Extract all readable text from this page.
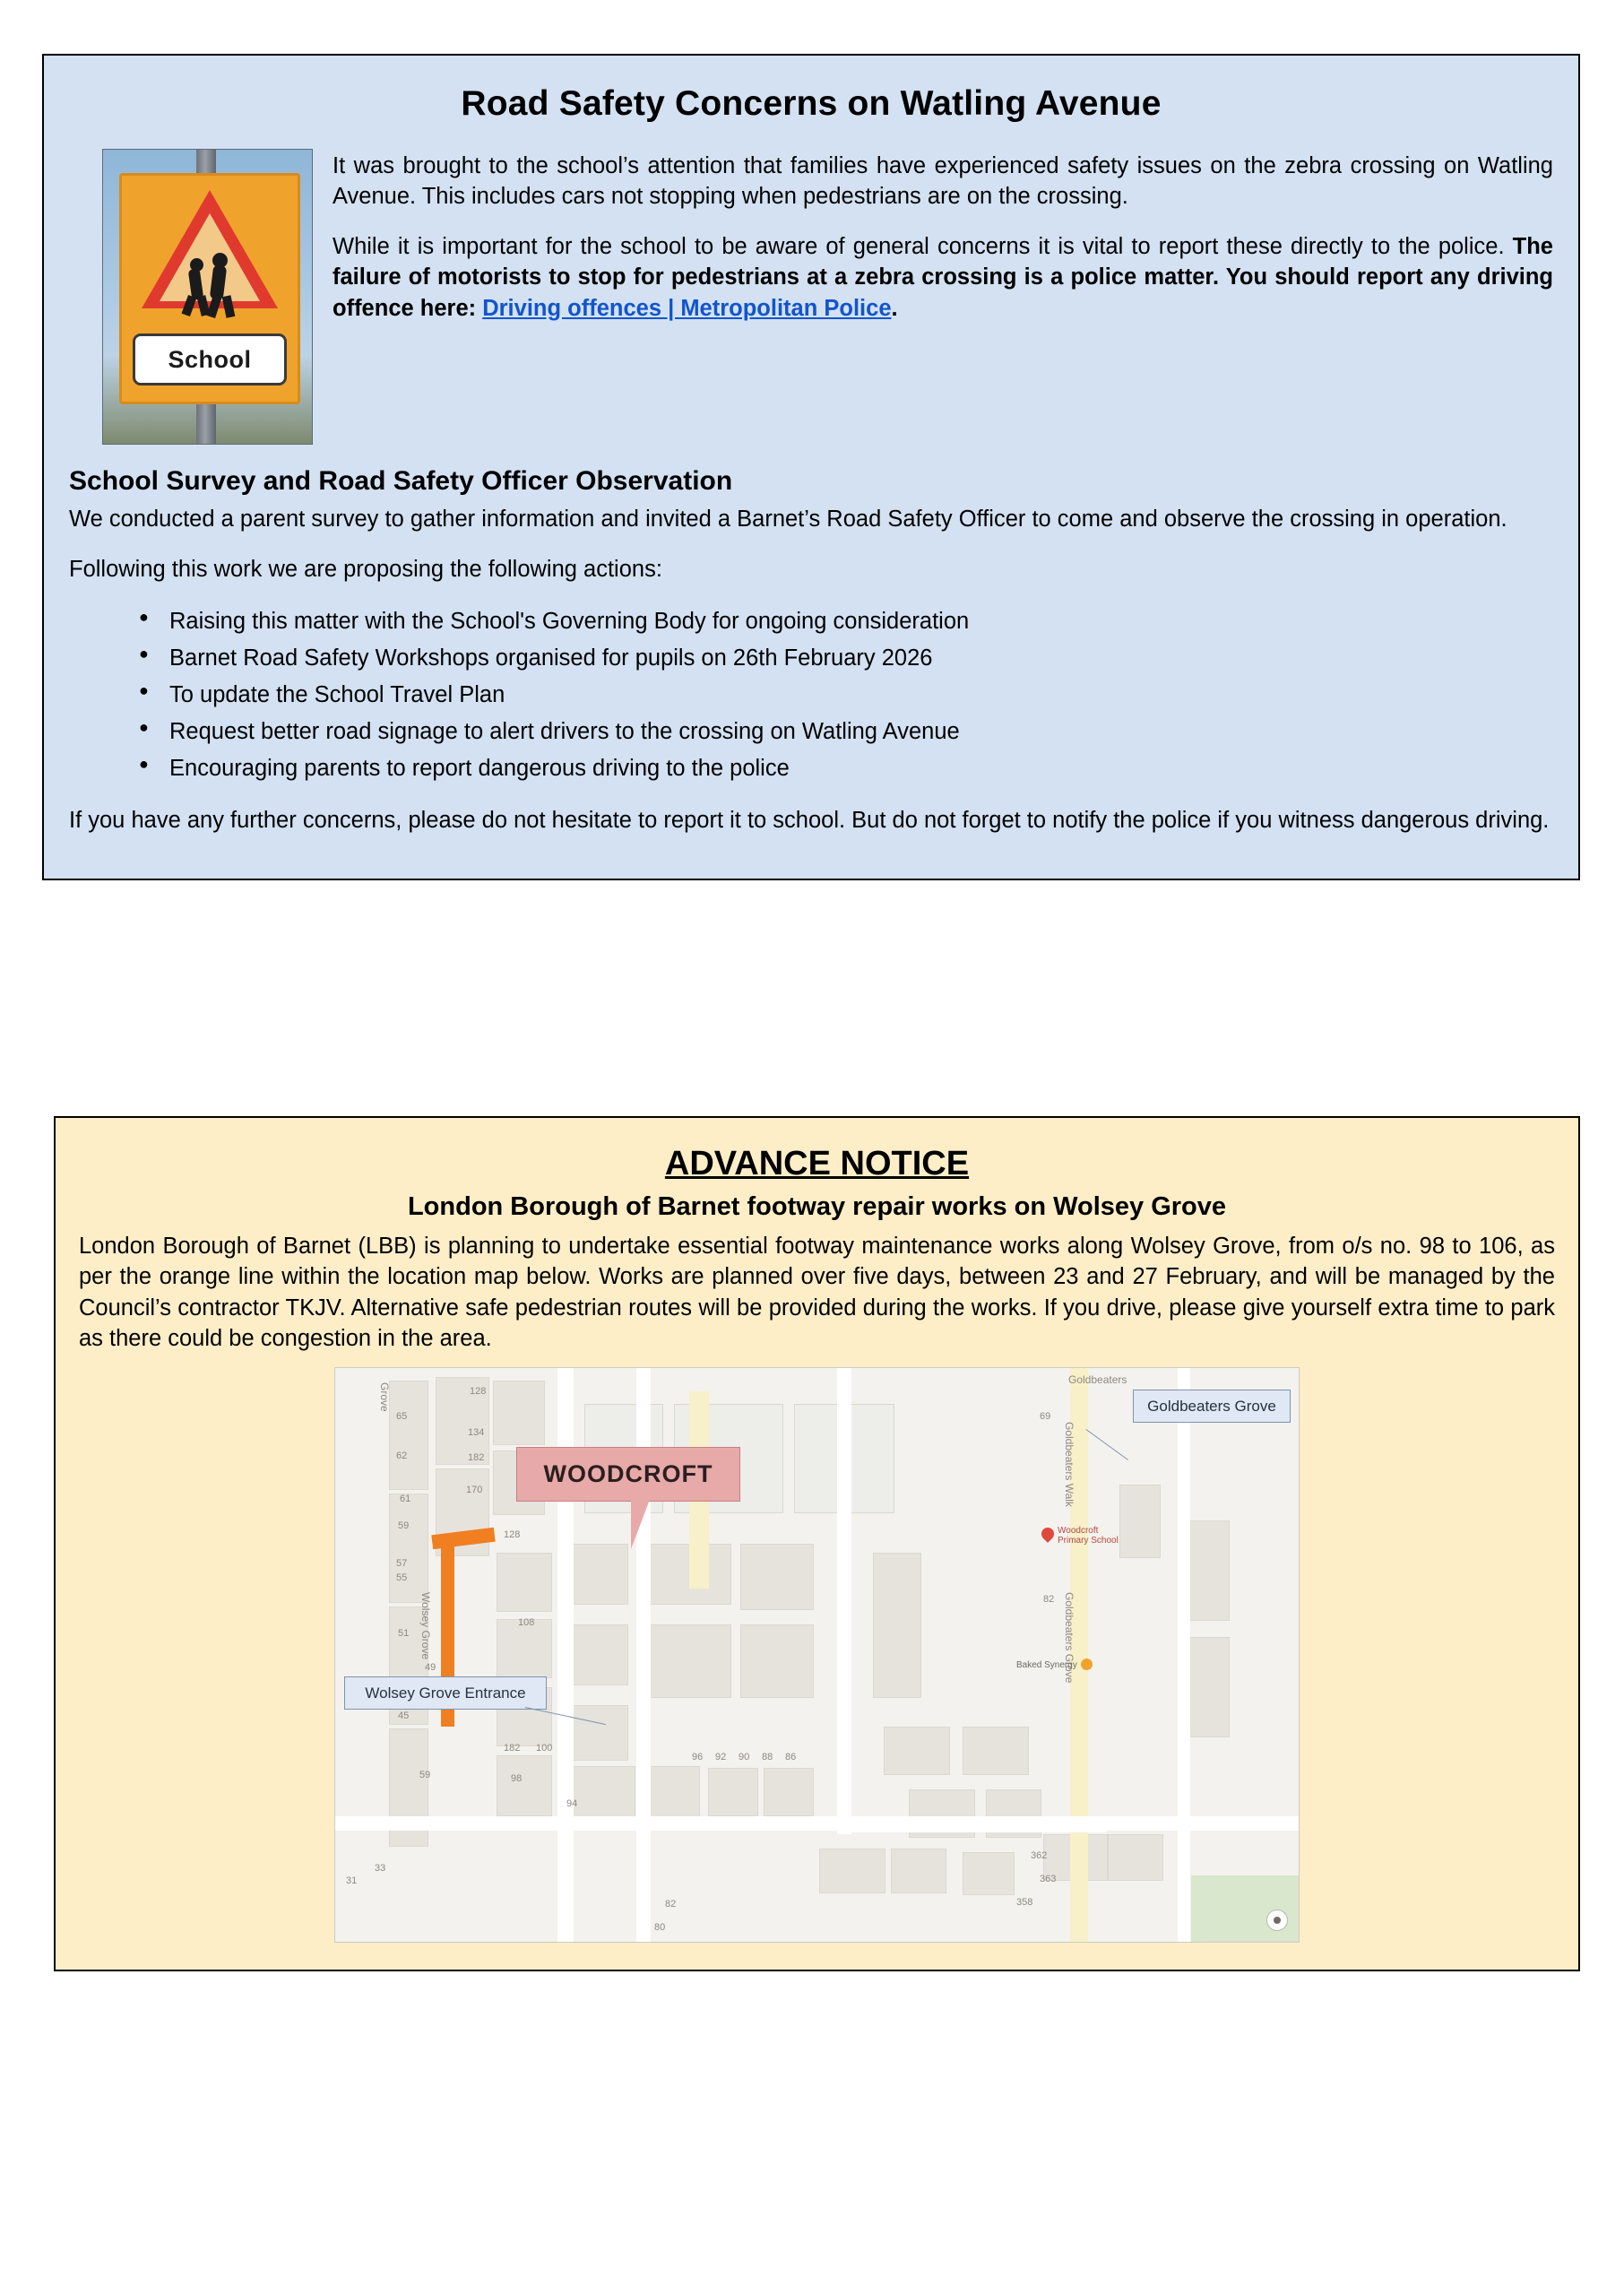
Road Safety Concerns on Watling Avenue
School

It was brought to the school’s attention that families have experienced safety issues on the zebra crossing on Watling Avenue. This includes cars not stopping when pedestrians are on the crossing.

While it is important for the school to be aware of general concerns it is vital to report these directly to the police. The failure of motorists to stop for pedestrians at a zebra crossing is a police matter. You should report any driving offence here: Driving offences | Metropolitan Police.

School Survey and Road Safety Officer Observation

We conducted a parent survey to gather information and invited a Barnet’s Road Safety Officer to come and observe the crossing in operation.

Following this work we are proposing the following actions:

● Raising this matter with the School's Governing Body for ongoing consideration
● Barnet Road Safety Workshops organised for pupils on 26th February 2026
● To update the School Travel Plan
● Request better road signage to alert drivers to the crossing on Watling Avenue
● Encouraging parents to report dangerous driving to the police

If you have any further concerns, please do not hesitate to report it to school. But do not forget to notify the police if you witness dangerous driving.

ADVANCE NOTICE
London Borough of Barnet footway repair works on Wolsey Grove

London Borough of Barnet (LBB) is planning to undertake essential footway maintenance works along Wolsey Grove, from o/s no. 98 to 106, as per the orange line within the location map below. Works are planned over five days, between 23 and 27 February, and will be managed by the Council’s contractor TKJV. Alternative safe pedestrian routes will be provided during the works. If you drive, please give yourself extra time to park as there could be congestion in the area.

Goldbeaters
Goldbeaters Walk
Goldbeaters Grove
Wolsey Grove
Grove	128
134
182
170
65
62
61
59
57
55
51
49
45
59
128
108
182 100
98
94
96 92 90 88 86
69
82
33
31
362
363
358
82
80
Woodcroft Primary School
Baked Synergy
WOODCROFT
Goldbeaters Grove
Wolsey Grove Entrance
